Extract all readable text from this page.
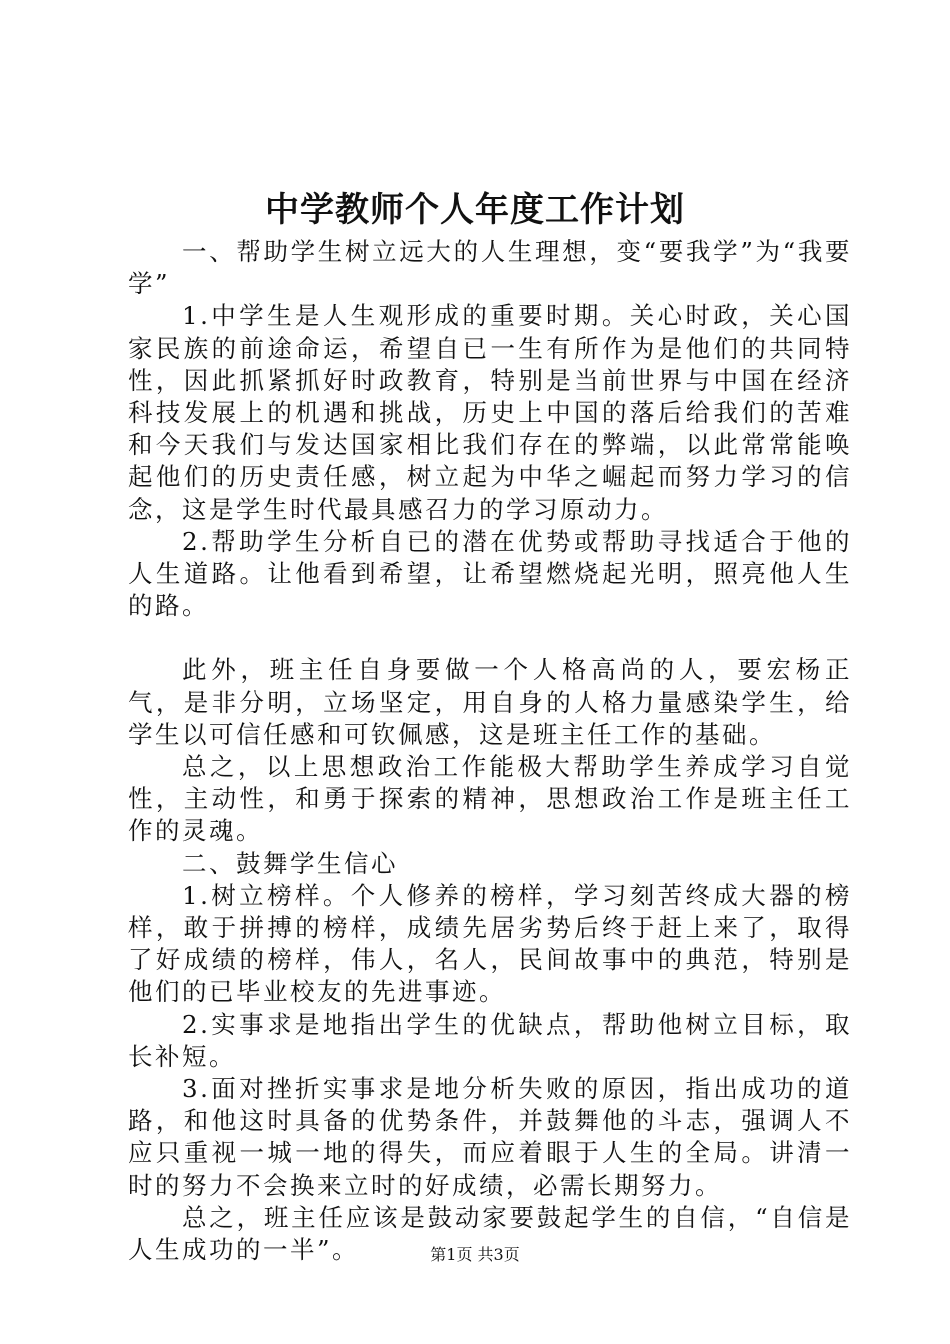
中学教师个人年度工作计划

一、帮助学生树立远大的人生理想，变“要我学”为“我要学”

1.中学生是人生观形成的重要时期。关心时政，关心国家民族的前途命运，希望自已一生有所作为是他们的共同特性，因此抓紧抓好时政教育，特别是当前世界与中国在经济科技发展上的机遇和挑战，历史上中国的落后给我们的苦难和今天我们与发达国家相比我们存在的弊端，以此常常能唤起他们的历史责任感，树立起为中华之崛起而努力学习的信念，这是学生时代最具感召力的学习原动力。

2.帮助学生分析自已的潜在优势或帮助寻找适合于他的人生道路。让他看到希望，让希望燃烧起光明，照亮他人生的路。

此外，班主任自身要做一个人格高尚的人，要宏杨正气，是非分明，立场坚定，用自身的人格力量感染学生，给学生以可信任感和可钦佩感，这是班主任工作的基础。

总之，以上思想政治工作能极大帮助学生养成学习自觉性，主动性，和勇于探索的精神，思想政治工作是班主任工作的灵魂。

二、鼓舞学生信心

1.树立榜样。个人修养的榜样，学习刻苦终成大器的榜样，敢于拼搏的榜样，成绩先居劣势后终于赶上来了，取得了好成绩的榜样，伟人，名人，民间故事中的典范，特别是他们的已毕业校友的先进事迹。

2.实事求是地指出学生的优缺点，帮助他树立目标，取长补短。

3.面对挫折实事求是地分析失败的原因，指出成功的道路，和他这时具备的优势条件，并鼓舞他的斗志，强调人不应只重视一城一地的得失，而应着眼于人生的全局。讲清一时的努力不会换来立时的好成绩，必需长期努力。

总之，班主任应该是鼓动家要鼓起学生的自信，“自信是人生成功的一半”。	第1页 共3页
